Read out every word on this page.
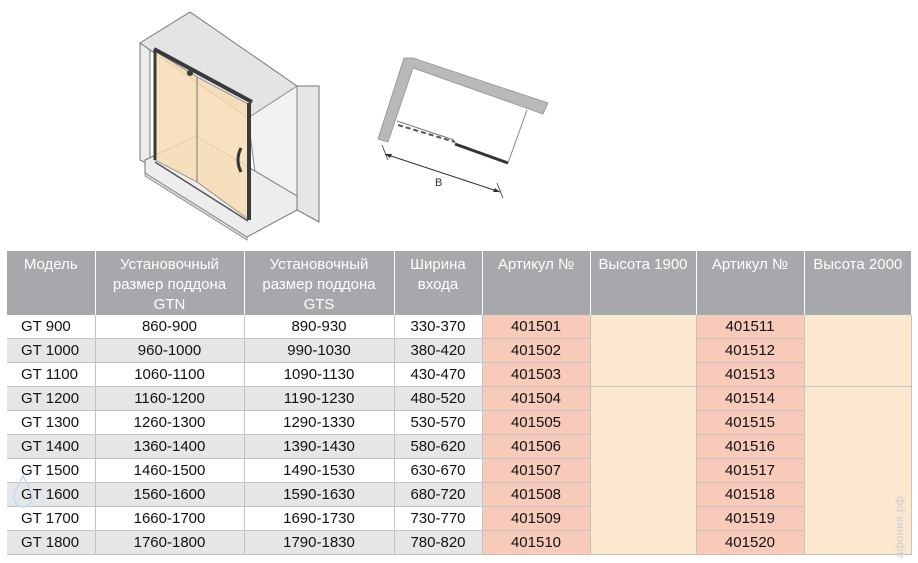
B
Модель	Установочный размер поддона GTN	Установочный размер поддона GTS	Ширина входа	Артикул №	Высота 1900	Артикул №	Высота 2000
GT 900	860-900	890-930	330-370	401501		401511	
GT 1000	960-1000	990-1030	380-420	401502		401512	
GT 1100	1060-1100	1090-1130	430-470	401503		401513	
GT 1200	1160-1200	1190-1230	480-520	401504		401514	
GT 1300	1260-1300	1290-1330	530-570	401505		401515	
GT 1400	1360-1400	1390-1430	580-620	401506		401516	
GT 1500	1460-1500	1490-1530	630-670	401507		401517	
GT 1600	1560-1600	1590-1630	680-720	401508		401518	
GT 1700	1660-1700	1690-1730	730-770	401509		401519	
GT 1800	1760-1800	1790-1830	780-820	401510		401520		афония.рф
